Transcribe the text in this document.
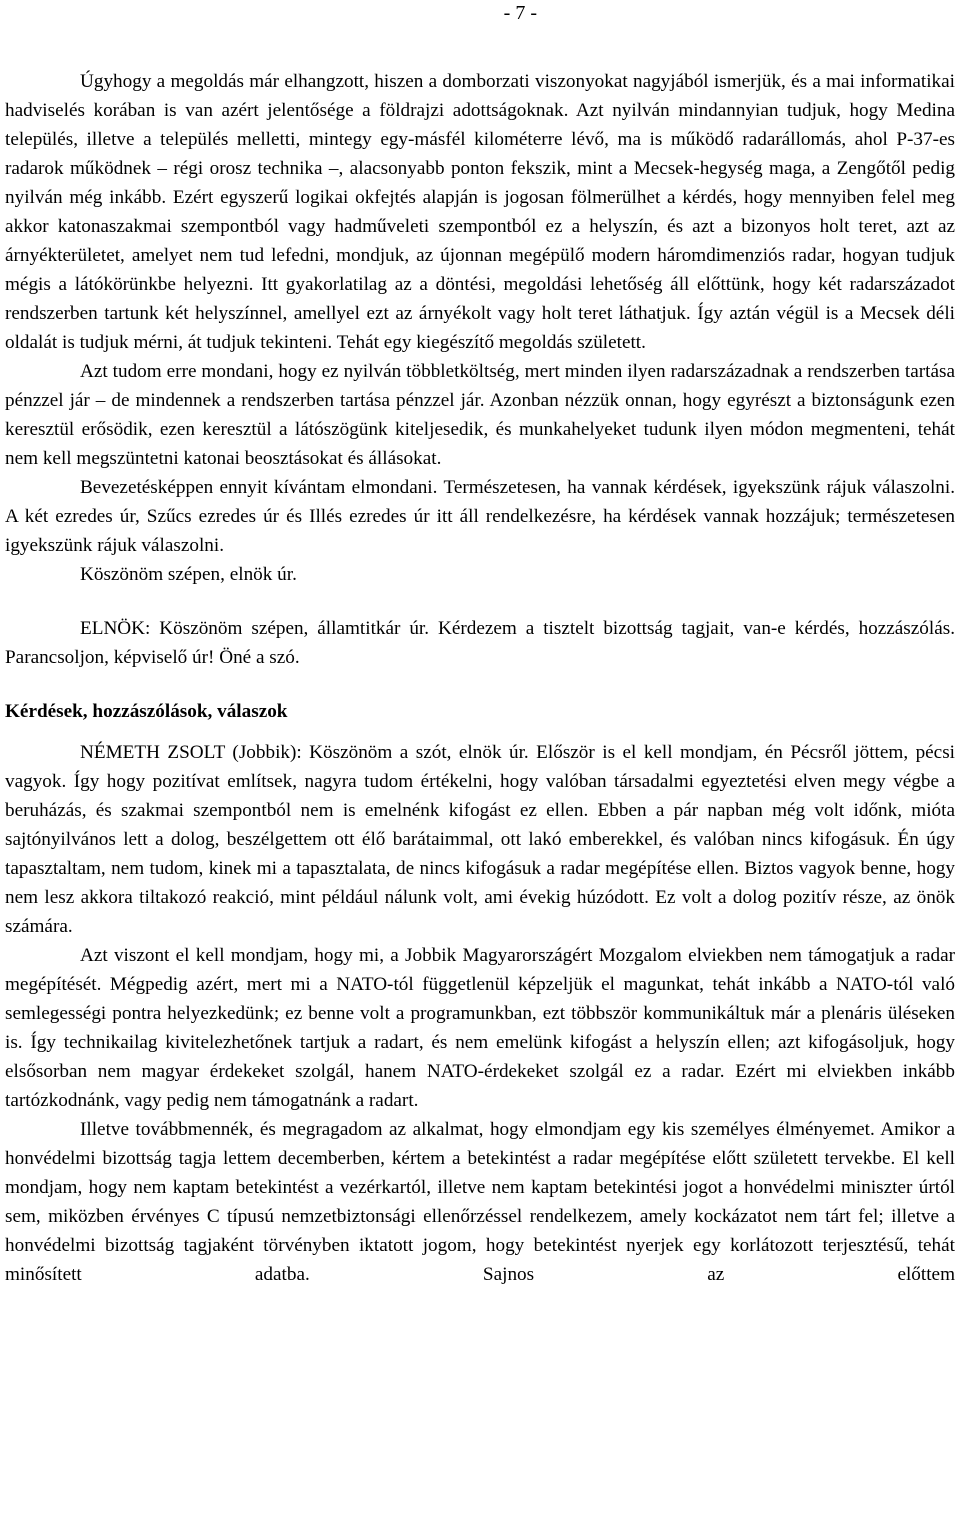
- 7 -

Úgyhogy a megoldás már elhangzott, hiszen a domborzati viszonyokat nagyjából ismerjük, és a mai informatikai hadviselés korában is van azért jelentősége a földrajzi adottságoknak. Azt nyilván mindannyian tudjuk, hogy Medina település, illetve a település melletti, mintegy egy-másfél kilométerre lévő, ma is működő radarállomás, ahol P-37-es radarok működnek – régi orosz technika –, alacsonyabb ponton fekszik, mint a Mecsek-hegység maga, a Zengőtől pedig nyilván még inkább. Ezért egyszerű logikai okfejtés alapján is jogosan fölmerülhet a kérdés, hogy mennyiben felel meg akkor katonaszakmai szempontból vagy hadműveleti szempontból ez a helyszín, és azt a bizonyos holt teret, azt az árnyékterületet, amelyet nem tud lefedni, mondjuk, az újonnan megépülő modern háromdimenziós radar, hogyan tudjuk mégis a látókörünkbe helyezni. Itt gyakorlatilag az a döntési, megoldási lehetőség áll előttünk, hogy két radarszázadot rendszerben tartunk két helyszínnel, amellyel ezt az árnyékolt vagy holt teret láthatjuk. Így aztán végül is a Mecsek déli oldalát is tudjuk mérni, át tudjuk tekinteni. Tehát egy kiegészítő megoldás született.

Azt tudom erre mondani, hogy ez nyilván többletköltség, mert minden ilyen radarszázadnak a rendszerben tartása pénzzel jár – de mindennek a rendszerben tartása pénzzel jár. Azonban nézzük onnan, hogy egyrészt a biztonságunk ezen keresztül erősödik, ezen keresztül a látószögünk kiteljesedik, és munkahelyeket tudunk ilyen módon megmenteni, tehát nem kell megszüntetni katonai beosztásokat és állásokat.

Bevezetésképpen ennyit kívántam elmondani. Természetesen, ha vannak kérdések, igyekszünk rájuk válaszolni. A két ezredes úr, Szűcs ezredes úr és Illés ezredes úr itt áll rendelkezésre, ha kérdések vannak hozzájuk; természetesen igyekszünk rájuk válaszolni.

Köszönöm szépen, elnök úr.

ELNÖK: Köszönöm szépen, államtitkár úr. Kérdezem a tisztelt bizottság tagjait, van-e kérdés, hozzászólás. Parancsoljon, képviselő úr! Öné a szó.

Kérdések, hozzászólások, válaszok

NÉMETH ZSOLT (Jobbik): Köszönöm a szót, elnök úr. Először is el kell mondjam, én Pécsről jöttem, pécsi vagyok. Így hogy pozitívat említsek, nagyra tudom értékelni, hogy valóban társadalmi egyeztetési elven megy végbe a beruházás, és szakmai szempontból nem is emelnénk kifogást ez ellen. Ebben a pár napban még volt időnk, mióta sajtónyilvános lett a dolog, beszélgettem ott élő barátaimmal, ott lakó emberekkel, és valóban nincs kifogásuk. Én úgy tapasztaltam, nem tudom, kinek mi a tapasztalata, de nincs kifogásuk a radar megépítése ellen. Biztos vagyok benne, hogy nem lesz akkora tiltakozó reakció, mint például nálunk volt, ami évekig húzódott. Ez volt a dolog pozitív része, az önök számára.

Azt viszont el kell mondjam, hogy mi, a Jobbik Magyarországért Mozgalom elviekben nem támogatjuk a radar megépítését. Mégpedig azért, mert mi a NATO-tól függetlenül képzeljük el magunkat, tehát inkább a NATO-tól való semlegességi pontra helyezkedünk; ez benne volt a programunkban, ezt többször kommunikáltuk már a plenáris üléseken is. Így technikailag kivitelezhetőnek tartjuk a radart, és nem emelünk kifogást a helyszín ellen; azt kifogásoljuk, hogy elsősorban nem magyar érdekeket szolgál, hanem NATO-érdekeket szolgál ez a radar. Ezért mi elviekben inkább tartózkodnánk, vagy pedig nem támogatnánk a radart.

Illetve továbbmennék, és megragadom az alkalmat, hogy elmondjam egy kis személyes élményemet. Amikor a honvédelmi bizottság tagja lettem decemberben, kértem a betekintést a radar megépítése előtt született tervekbe. El kell mondjam, hogy nem kaptam betekintést a vezérkartól, illetve nem kaptam betekintési jogot a honvédelmi miniszter úrtól sem, miközben érvényes C típusú nemzetbiztonsági ellenőrzéssel rendelkezem, amely kockázatot nem tárt fel; illetve a honvédelmi bizottság tagjaként törvényben iktatott jogom, hogy betekintést nyerjek egy korlátozott terjesztésű, tehát minősített adatba. Sajnos az előttem
